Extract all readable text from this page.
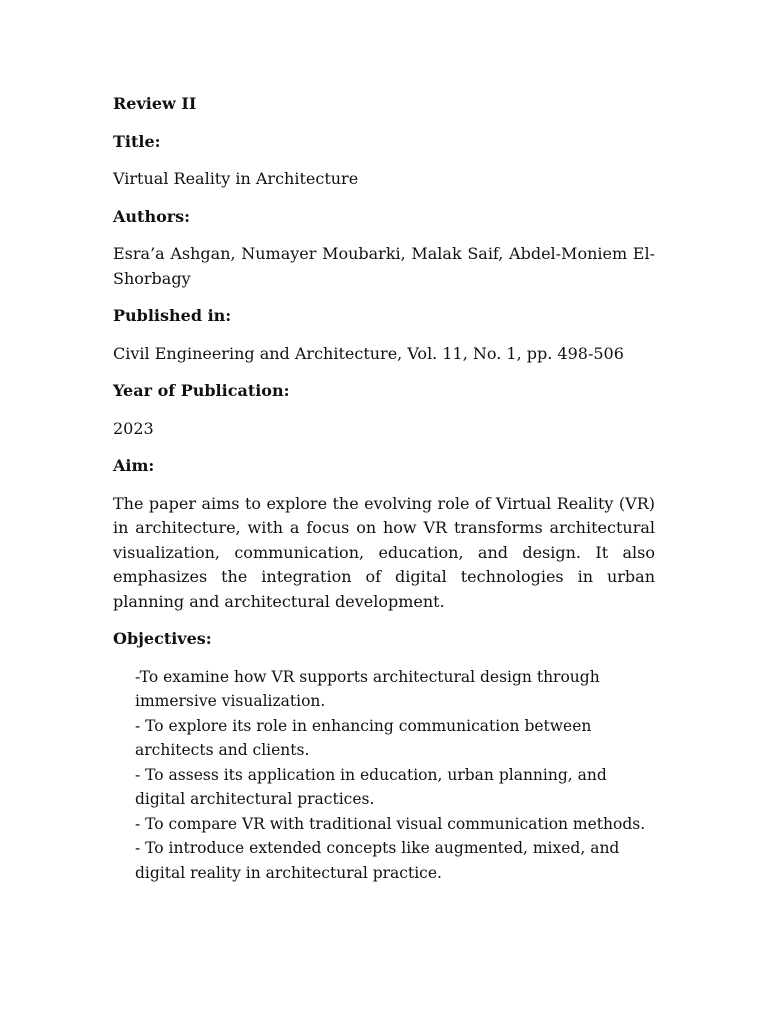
Review II

Title:

Virtual Reality in Architecture

Authors:

Esra’a Ashgan, Numayer Moubarki, Malak Saif, Abdel-Moniem El-Shorbagy

Published in:

Civil Engineering and Architecture, Vol. 11, No. 1, pp. 498-506

Year of Publication:

2023

Aim:

The paper aims to explore the evolving role of Virtual Reality (VR) in architecture, with a focus on how VR transforms architectural visualization, communication, education, and design. It also emphasizes the integration of digital technologies in urban planning and architectural development.

Objectives:

-To examine how VR supports architectural design through immersive visualization.
- To explore its role in enhancing communication between architects and clients.
- To assess its application in education, urban planning, and digital architectural practices.
- To compare VR with traditional visual communication methods.
- To introduce extended concepts like augmented, mixed, and digital reality in architectural practice.
